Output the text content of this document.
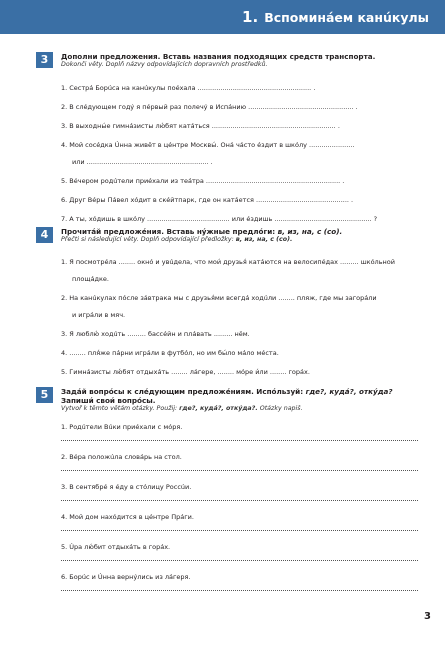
1. Вспоминáем канúкулы
3	Дополни предложения. Вставь названия подходящих средств транспорта.
Dokonči věty. Doplň názvy odpovídajících dopravních prostředků.
1. Сестрá Борúса на канúкулы поéхала ....................................................... .
2. В слéдующем годý я пéрвый раз полечý в Испáнию ................................................... .
3. В выходны́е гимнáзисты лю́бят катáться ............................................................ .
4. Мой сосéдка Úнна живёт в цéнтре Москвы́. Онá чáсто éздит в шкóлу ......................
или ........................................................... .
5. Вéчером родúтели приéхали из теáтра ................................................................. .
6. Друг Вéры Пáвел хóдит в скéйтпарк, где он катáется ............................................. .
7. А ты, хóдишь в шкóлу ........................................ или éздишь ............................................... ?
4	Прочитáй предложéния. Вставь нýжные предлóги: в, из, на, с (со).
Přečti si následující věty. Doplň odpovídající předložky: в, из, на, с (со).
1. Я посмотрéла ........ окнó и увúдела, что мои́ друзья́ катáются на велосипéдах ......... шкóльной
площáдке.
2. На канúкулах пóсле зáвтрака мы с друзья́ми всегдá ходúли ........ пляж, где мы загорáли
и игрáли в мяч.
3. Я люблю́ ходúть ......... бассéйн и плáвать ......... нём.
4. ........ пля́же пáрни игрáли в футбóл, но им бы́ло мáло мéста.
5. Гимнáзисты лю́бят отдыхáть ........ лáгере, ........ мóре и́ли ........ горáх.
5	Задáй вопрóсы к слéдующим предложéниям. Испóльзуй: где?, кудá?, откýда?
Запиши́ свои́ вопрóсы.
Vytvoř k těmto větám otázky. Použij: где?, кудá?, откýда?. Otázky napiš.
1. Родúтели Вúки приéхали с мóря.
2. Вéра положúла словáрь на стол.
3. В сентябрé я éду в стóлицу Россúи.
4. Мой дом нахóдится в цéнтре Прáги.
5. Úра лю́бит отдыхáть в горáх.
6. Борúс и Úнна вернýлись из лáгеря.
3
